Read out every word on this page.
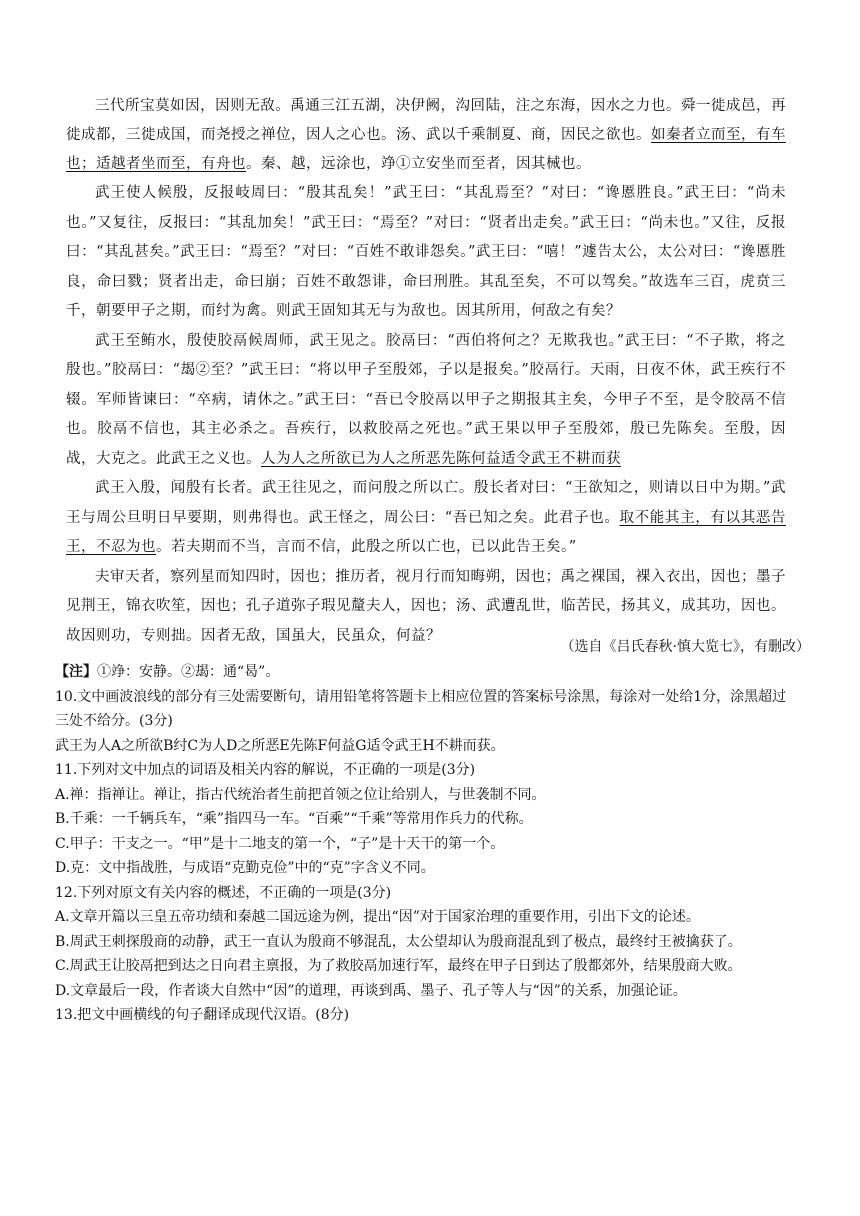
三代所宝莫如因，因则无敌。禹通三江五湖，决伊阙，沟回陆，注之东海，因水之力也。舜一徙成邑，再徙成都，三徙成国，而尧授之禅位，因人之心也。汤、武以千乘制夏、商，因民之欲也。如秦者立而至，有车也；适越者坐而至，有舟也。秦、越，远涂也，竫①立安坐而至者，因其械也。

武王使人候殷，反报岐周曰：“殷其乱矣！”武王曰：“其乱焉至？”对曰：“谗慝胜良。”武王曰：“尚未也。”又复往，反报曰：“其乱加矣！”武王曰：“焉至？”对曰：“贤者出走矣。”武王曰：“尚未也。”又往，反报曰：“其乱甚矣。”武王曰：“焉至？”对曰：“百姓不敢诽怨矣。”武王曰：“嘻！”遽告太公，太公对曰：“谗慝胜良，命曰戮；贤者出走，命曰崩；百姓不敢怨诽，命曰刑胜。其乱至矣，不可以驾矣。”故选车三百，虎贲三千，朝要甲子之期，而纣为禽。则武王固知其无与为敌也。因其所用，何敌之有矣？

武王至鲔水，殷使胶鬲候周师，武王见之。胶鬲曰：“西伯将何之？无欺我也。”武王曰：“不子欺，将之殷也。”胶鬲曰：“朅②至？”武王曰：“将以甲子至殷郊，子以是报矣。”胶鬲行。天雨，日夜不休，武王疾行不辍。军师皆谏曰：“卒病，请休之。”武王曰：“吾已令胶鬲以甲子之期报其主矣，今甲子不至，是令胶鬲不信也。胶鬲不信也，其主必杀之。吾疾行，以救胶鬲之死也。”武王果以甲子至殷郊，殷已先陈矣。至殷，因战，大克之。此武王之义也。人为人之所欲已为人之所恶先陈何益适令武王不耕而获

武王入殷，闻殷有长者。武王往见之，而问殷之所以亡。殷长者对曰：“王欲知之，则请以日中为期。”武王与周公旦明日早要期，则弗得也。武王怪之，周公曰：“吾已知之矣。此君子也。取不能其主，有以其恶告王，不忍为也。若夫期而不当，言而不信，此殷之所以亡也，已以此告王矣。”

夫审天者，察列星而知四时，因也；推历者，视月行而知晦朔，因也；禹之裸国，裸入衣出，因也；墨子见荆王，锦衣吹笙，因也；孔子道弥子瑕见釐夫人，因也；汤、武遭乱世，临苦民，扬其义，成其功，因也。故因则功，专则拙。因者无敌，国虽大，民虽众，何益？

（选自《吕氏春秋·慎大览七》，有删改）
【注】①竫：安静。②朅：通“曷”。
10.文中画波浪线的部分有三处需要断句，请用铅笔将答题卡上相应位置的答案标号涂黑，每涂对一处给1分，涂黑超过三处不给分。(3分)
武王为人A之所欲B纣C为人D之所恶E先陈F何益G适令武王H不耕而获。
11.下列对文中加点的词语及相关内容的解说，不正确的一项是(3分)
A.禅：指禅让。禅让，指古代统治者生前把首领之位让给别人，与世袭制不同。
B.千乘：一千辆兵车，“乘”指四马一车。“百乘”“千乘”等常用作兵力的代称。
C.甲子：干支之一。“甲”是十二地支的第一个，“子”是十天干的第一个。
D.克：文中指战胜，与成语“克勤克俭”中的“克”字含义不同。
12.下列对原文有关内容的概述，不正确的一项是(3分)
A.文章开篇以三皇五帝功绩和秦越二国远途为例，提出“因”对于国家治理的重要作用，引出下文的论述。
B.周武王刺探殷商的动静，武王一直认为殷商不够混乱，太公望却认为殷商混乱到了极点，最终纣王被擒获了。
C.周武王让胶鬲把到达之日向君主禀报，为了救胶鬲加速行军，最终在甲子日到达了殷都郊外，结果殷商大败。
D.文章最后一段，作者谈大自然中“因”的道理，再谈到禹、墨子、孔子等人与“因”的关系，加强论证。
13.把文中画横线的句子翻译成现代汉语。(8分)
